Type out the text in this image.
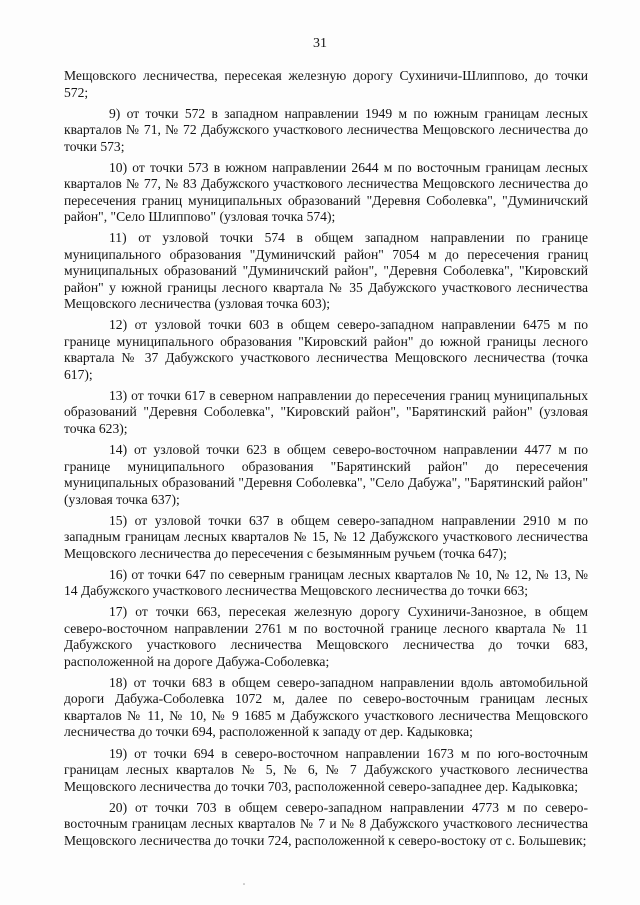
31

Мещовского лесничества, пересекая железную дорогу Сухиничи-Шлиппово, до точки 572;

9) от точки 572 в западном направлении 1949 м по южным границам лесных кварталов № 71, № 72 Дабужского участкового лесничества Мещовского лесничества до точки 573;

10) от точки 573 в южном направлении 2644 м по восточным границам лесных кварталов № 77, № 83 Дабужского участкового лесничества Мещовского лесничества до пересечения границ муниципальных образований "Деревня Соболевка", "Думиничский район", "Село Шлиппово" (узловая точка 574);

11) от узловой точки 574 в общем западном направлении по границе муниципального образования "Думиничский район" 7054 м до пересечения границ муниципальных образований "Думиничский район", "Деревня Соболевка", "Кировский район" у южной границы лесного квартала № 35 Дабужского участкового лесничества Мещовского лесничества (узловая точка 603);

12) от узловой точки 603 в общем северо-западном направлении 6475 м по границе муниципального образования "Кировский район" до южной границы лесного квартала № 37 Дабужского участкового лесничества Мещовского лесничества (точка 617);

13) от точки 617 в северном направлении до пересечения границ муниципальных образований "Деревня Соболевка", "Кировский район", "Барятинский район" (узловая точка 623);

14) от узловой точки 623 в общем северо-восточном направлении 4477 м по границе муниципального образования "Барятинский район" до пересечения муниципальных образований "Деревня Соболевка", "Село Дабужа", "Барятинский район" (узловая точка 637);

15) от узловой точки 637 в общем северо-западном направлении 2910 м по западным границам лесных кварталов № 15, № 12 Дабужского участкового лесничества Мещовского лесничества до пересечения с безымянным ручьем (точка 647);

16) от точки 647 по северным границам лесных кварталов № 10, № 12, № 13, № 14 Дабужского участкового лесничества Мещовского лесничества до точки 663;

17) от точки 663, пересекая железную дорогу Сухиничи-Занозное, в общем северо-восточном направлении 2761 м по восточной границе лесного квартала № 11 Дабужского участкового лесничества Мещовского лесничества до точки 683, расположенной на дороге Дабужа-Соболевка;

18) от точки 683 в общем северо-западном направлении вдоль автомобильной дороги Дабужа-Соболевка 1072 м, далее по северо-восточным границам лесных кварталов № 11, № 10, № 9 1685 м Дабужского участкового лесничества Мещовского лесничества до точки 694, расположенной к западу от дер. Кадыковка;

19) от точки 694 в северо-восточном направлении 1673 м по юго-восточным границам лесных кварталов № 5, № 6, № 7 Дабужского участкового лесничества Мещовского лесничества до точки 703, расположенной северо-западнее дер. Кадыковка;

20) от точки 703 в общем северо-западном направлении 4773 м по северо-восточным границам лесных кварталов № 7 и № 8 Дабужского участкового лесничества Мещовского лесничества до точки 724, расположенной к северо-востоку от с. Большевик;
